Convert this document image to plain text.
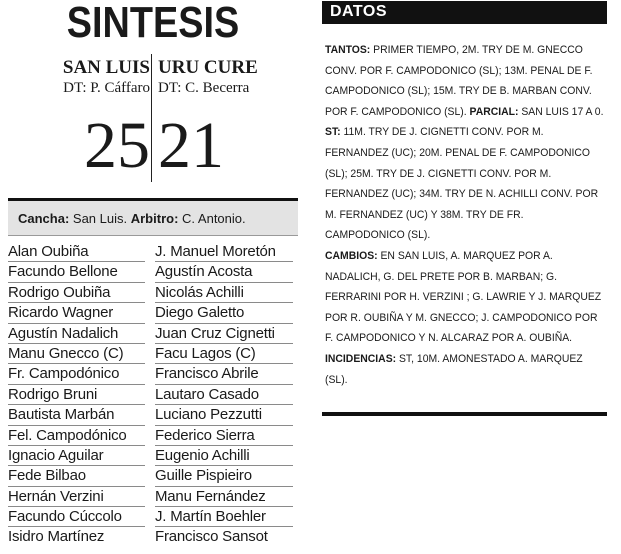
SINTESIS
SAN LUIS
DT: P. Cáffaro
URU CURE
DT: C. Becerra
25 21
Cancha: San Luis. Arbitro: C. Antonio.
Alan Oubiña
Facundo Bellone
Rodrigo Oubiña
Ricardo Wagner
Agustín Nadalich
Manu Gnecco (C)
Fr. Campodónico
Rodrigo Bruni
Bautista Marbán
Fel. Campodónico
Ignacio Aguilar
Fede Bilbao
Hernán Verzini
Facundo Cúccolo
Isidro Martínez
J. Manuel Moretón
Agustín Acosta
Nicolás Achilli
Diego Galetto
Juan Cruz Cignetti
Facu Lagos (C)
Francisco Abrile
Lautaro Casado
Luciano Pezzutti
Federico Sierra
Eugenio Achilli
Guille Pispieiro
Manu Fernández
J. Martín Boehler
Francisco Sansot
DATOS
TANTOS: PRIMER TIEMPO, 2M. TRY DE M. GNECCO CONV. POR F. CAMPODONICO (SL); 13M. PENAL DE F. CAMPODONICO (SL); 15M. TRY DE B. MARBAN CONV. POR F. CAMPODONICO (SL). PARCIAL: SAN LUIS 17 A 0. ST: 11M. TRY DE J. CIGNETTI CONV. POR M. FERNANDEZ (UC); 20M. PENAL DE F. CAMPODONICO (SL); 25M. TRY DE J. CIGNETTI CONV. POR M. FERNANDEZ (UC); 34M. TRY DE N. ACHILLI CONV. POR M. FERNANDEZ (UC) Y 38M. TRY DE FR. CAMPODONICO (SL).
CAMBIOS: EN SAN LUIS, A. MARQUEZ POR A. NADALICH, G. DEL PRETE POR B. MARBAN; G. FERRARINI POR H. VERZINI ; G. LAWRIE Y J. MARQUEZ POR R. OUBIÑA Y M. GNECCO; J. CAMPODONICO POR F. CAMPODONICO Y N. ALCARAZ POR A. OUBIÑA.
INCIDENCIAS: ST, 10M. AMONESTADO A. MARQUEZ (SL).
